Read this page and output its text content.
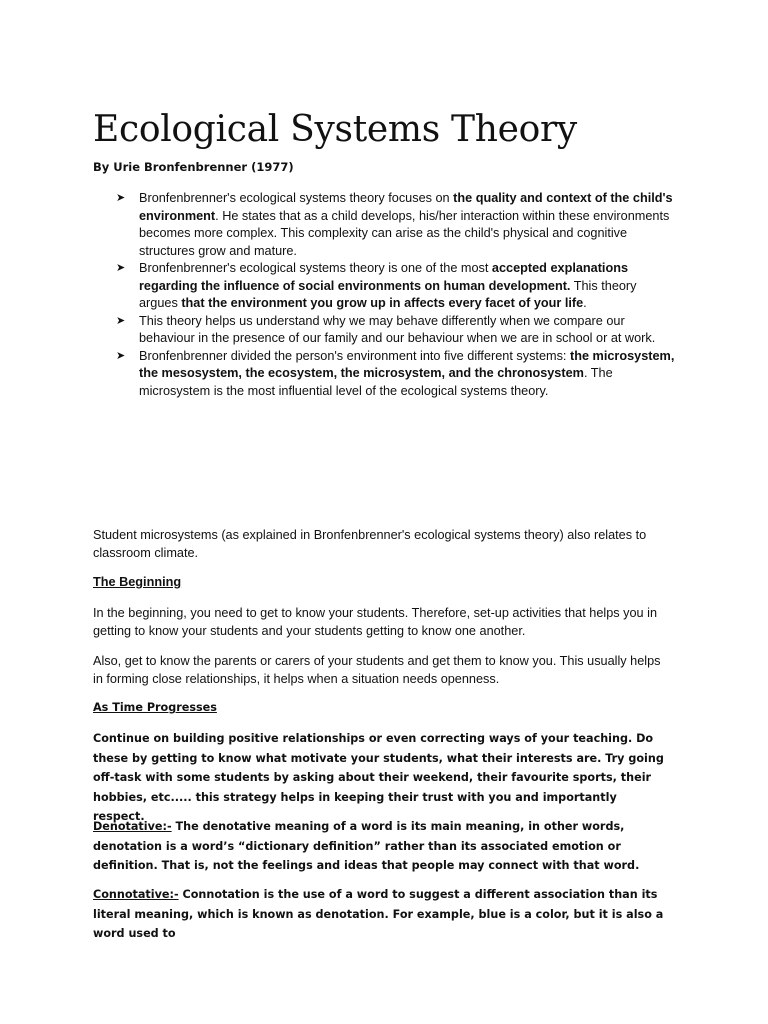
Ecological Systems Theory

By Urie Bronfenbrenner (1977)

➤ Bronfenbrenner's ecological systems theory focuses on the quality and context of the child's environment. He states that as a child develops, his/her interaction within these environments becomes more complex. This complexity can arise as the child's physical and cognitive structures grow and mature.
➤ Bronfenbrenner's ecological systems theory is one of the most accepted explanations regarding the influence of social environments on human development. This theory argues that the environment you grow up in affects every facet of your life.
➤ This theory helps us understand why we may behave differently when we compare our behaviour in the presence of our family and our behaviour when we are in school or at work.
➤ Bronfenbrenner divided the person's environment into five different systems: the microsystem, the mesosystem, the ecosystem, the microsystem, and the chronosystem. The microsystem is the most influential level of the ecological systems theory.

Student microsystems (as explained in Bronfenbrenner's ecological systems theory) also relates to classroom climate.

The Beginning

In the beginning, you need to get to know your students. Therefore, set-up activities that helps you in getting to know your students and your students getting to know one another.

Also, get to know the parents or carers of your students and get them to know you. This usually helps in forming close relationships, it helps when a situation needs openness.

As Time Progresses

Continue on building positive relationships or even correcting ways of your teaching. Do these by getting to know what motivate your students, what their interests are. Try going off-task with some students by asking about their weekend, their favourite sports, their hobbies, etc..... this strategy helps in keeping their trust with you and importantly respect.

Denotative:- The denotative meaning of a word is its main meaning, in other words, denotation is a word’s “dictionary definition” rather than its associated emotion or definition. That is, not the feelings and ideas that people may connect with that word.

Connotative:- Connotation is the use of a word to suggest a different association than its literal meaning, which is known as denotation. For example, blue is a color, but it is also a word used to
